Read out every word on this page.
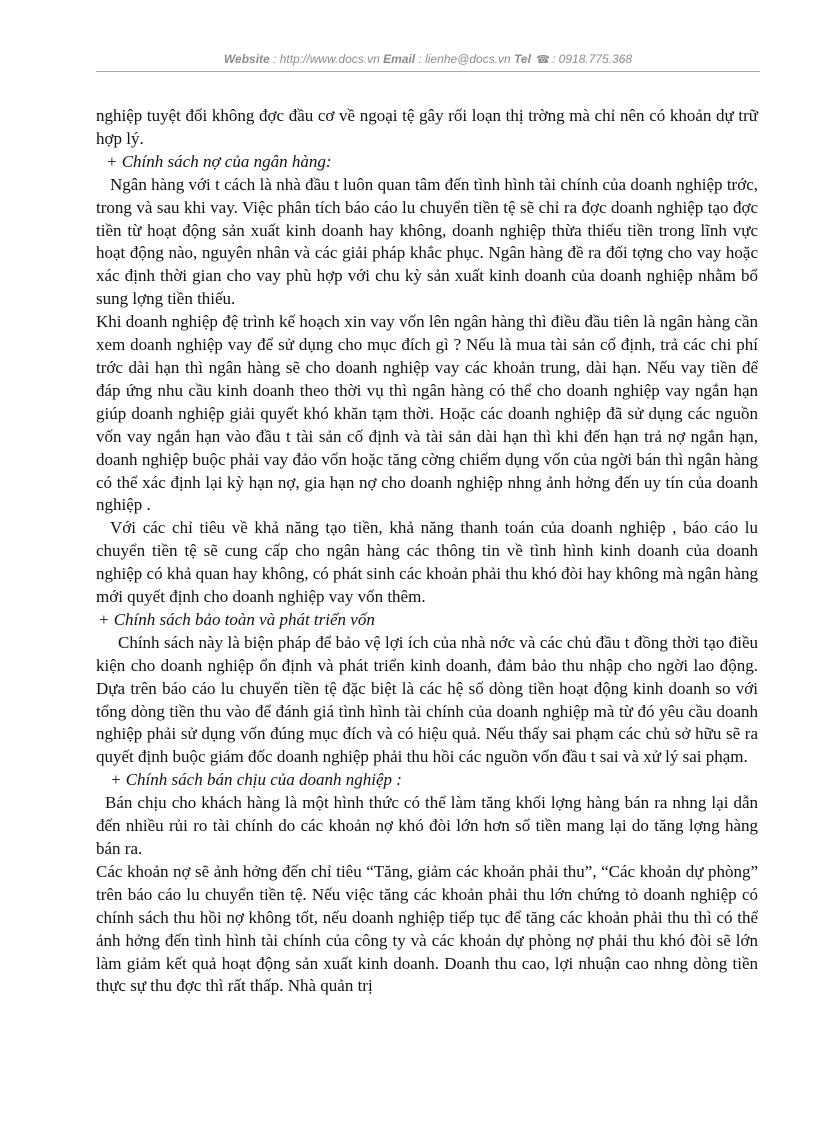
Website : http://www.docs.vn Email : lienhe@docs.vn Tel ☎ : 0918.775.368

nghiệp tuyệt đối không đợc đầu cơ về ngoại tệ gây rối loạn thị trờng mà chỉ nên có khoản dự trữ hợp lý.

+ Chính sách nợ của ngân hàng:

Ngân hàng với t cách là nhà đầu t luôn quan tâm đến tình hình tài chính của doanh nghiệp trớc, trong và sau khi vay. Việc phân tích báo cáo lu chuyển tiền tệ sẽ chỉ ra đợc doanh nghiệp tạo đợc tiền từ hoạt động sản xuất kinh doanh hay không, doanh nghiệp thừa thiếu tiền trong lĩnh vực hoạt động nào, nguyên nhân và các giải pháp khắc phục. Ngân hàng đề ra đối tợng cho vay hoặc xác định thời gian cho vay phù hợp với chu kỳ sản xuất kinh doanh của doanh nghiệp nhằm bổ sung lợng tiền thiếu.

Khi doanh nghiệp đệ trình kế hoạch xin vay vốn lên ngân hàng thì điều đầu tiên là ngân hàng cần xem doanh nghiệp vay để sử dụng cho mục đích gì ? Nếu là mua tài sản cố định, trả các chi phí trớc dài hạn thì ngân hàng sẽ cho doanh nghiệp vay các khoản trung, dài hạn. Nếu vay tiền để đáp ứng nhu cầu kinh doanh theo thời vụ thì ngân hàng có thể cho doanh nghiệp vay ngắn hạn giúp doanh nghiệp giải quyết khó khăn tạm thời. Hoặc các doanh nghiệp đã sử dụng các nguồn vốn vay ngắn hạn vào đầu t tài sản cố định và tài sản dài hạn thì khi đến hạn trả nợ ngắn hạn, doanh nghiệp buộc phải vay đảo vốn hoặc tăng cờng chiếm dụng vốn của ngời bán thì ngân hàng có thể xác định lại kỳ hạn nợ, gia hạn nợ cho doanh nghiệp nhng ảnh hởng đến uy tín của doanh nghiệp .

Với các chỉ tiêu về khả năng tạo tiền, khả năng thanh toán của doanh nghiệp , báo cáo lu chuyển tiền tệ sẽ cung cấp cho ngân hàng các thông tin về tình hình kinh doanh của doanh nghiệp có khả quan hay không, có phát sinh các khoản phải thu khó đòi hay không mà ngân hàng mới quyết định cho doanh nghiệp vay vốn thêm.

+ Chính sách bảo toàn và phát triển vốn

Chính sách này là biện pháp để bảo vệ lợi ích của nhà nớc và các chủ đầu t đồng thời tạo điều kiện cho doanh nghiệp ổn định và phát triển kinh doanh, đảm bảo thu nhập cho ngời lao động. Dựa trên báo cáo lu chuyển tiền tệ đặc biệt là các hệ số dòng tiền hoạt động kinh doanh so với tổng dòng tiền thu vào để đánh giá tình hình tài chính của doanh nghiệp mà từ đó yêu cầu doanh nghiệp phải sử dụng vốn đúng mục đích và có hiệu quả. Nếu thấy sai phạm các chủ sở hữu sẽ ra quyết định buộc giám đốc doanh nghiệp phải thu hồi các nguồn vốn đầu t sai và xử lý sai phạm.

+ Chính sách bán chịu của doanh nghiệp :

Bán chịu cho khách hàng là một hình thức có thể làm tăng khối lợng hàng bán ra nhng lại dẫn đến nhiều rủi ro tài chính do các khoản nợ khó đòi lớn hơn số tiền mang lại do tăng lợng hàng bán ra.

Các khoản nợ sẽ ảnh hởng đến chỉ tiêu “Tăng, giảm các khoản phải thu”, “Các khoản dự phòng” trên báo cáo lu chuyển tiền tệ. Nếu việc tăng các khoản phải thu lớn chứng tỏ doanh nghiệp có chính sách thu hồi nợ không tốt, nếu doanh nghiệp tiếp tục để tăng các khoản phải thu thì có thể ảnh hởng đến tình hình tài chính của công ty và các khoản dự phòng nợ phải thu khó đòi sẽ lớn làm giảm kết quả hoạt động sản xuất kinh doanh. Doanh thu cao, lợi nhuận cao nhng dòng tiền thực sự thu đợc thì rất thấp. Nhà quản trị
